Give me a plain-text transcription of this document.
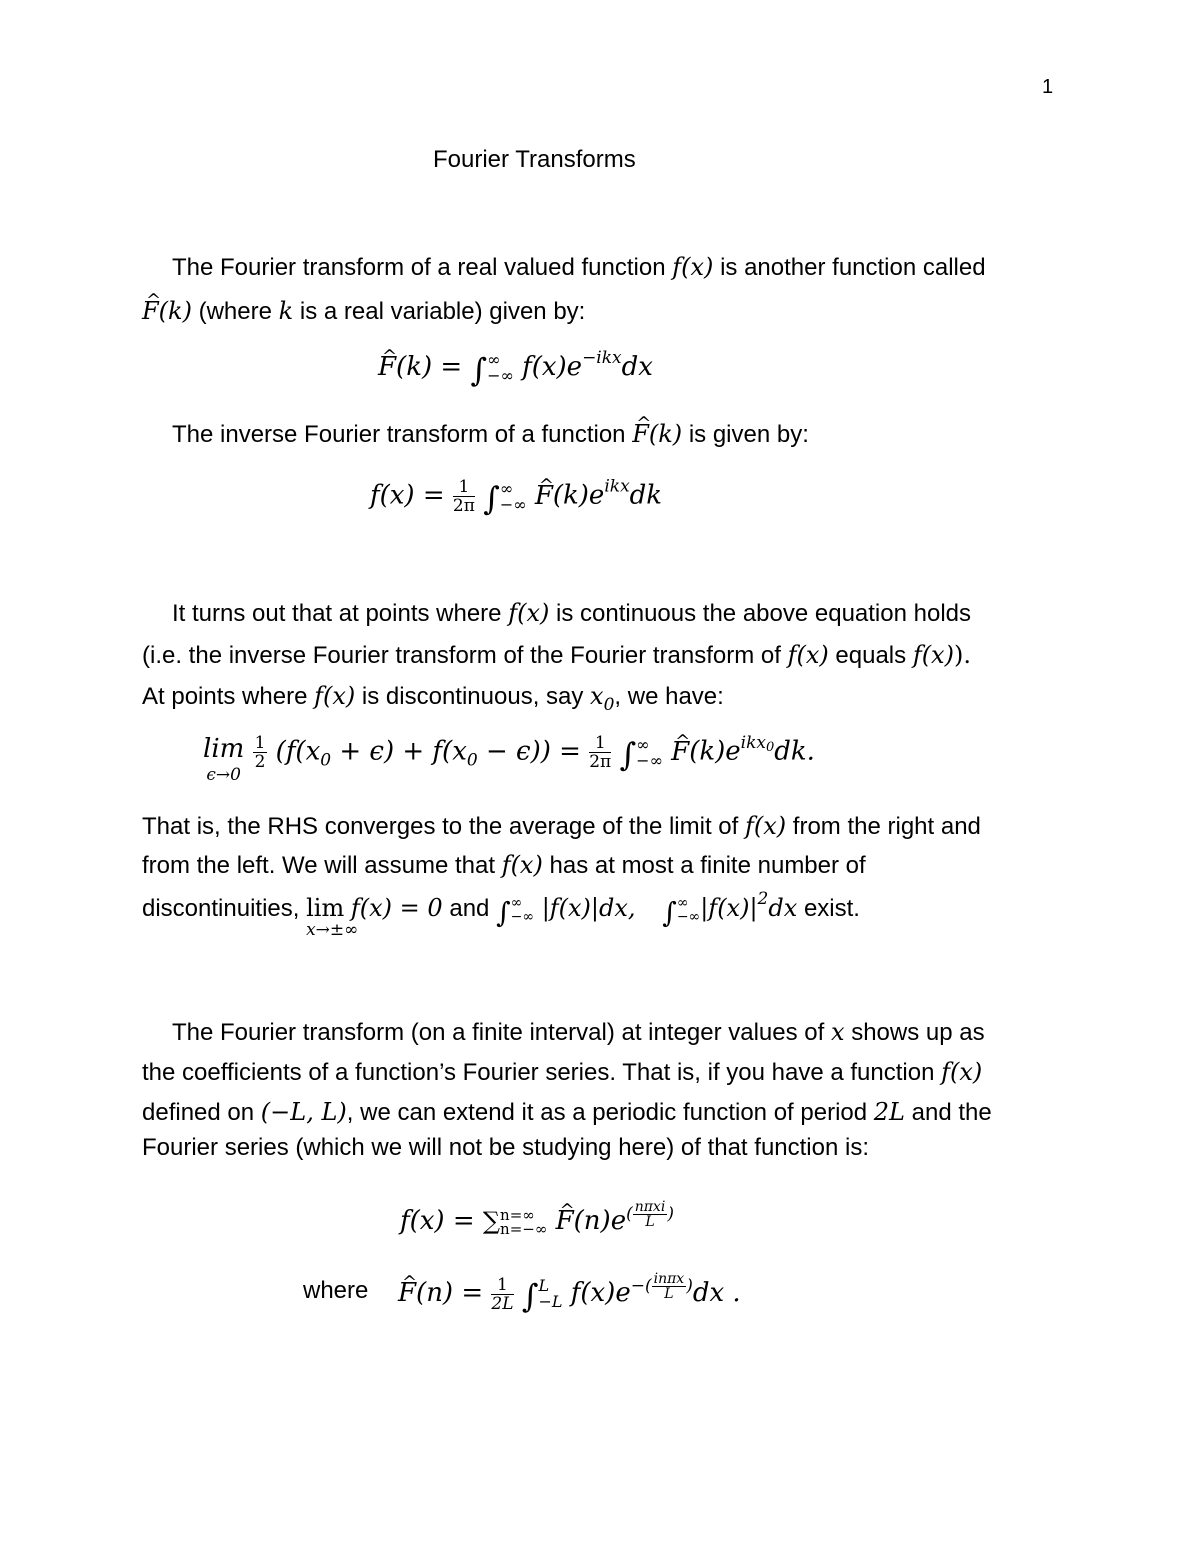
1
Fourier Transforms
The Fourier transform of a real valued function f(x) is another function called
^ F(k) (where k is a real variable) given by:
^ F(k) = ∫ ∞
−∞ $f(x)e^{-ikx}dx$
The inverse Fourier transform of a function ^ F(k) is given by:
$f(x) = \frac{1}{2\pi}$ ∫ ∞
−∞ ^ $F(k)e^{ikx}dk$
It turns out that at points where f(x) is continuous the above equation holds
(i.e. the inverse Fourier transform of the Fourier transform of f(x) equals f(x)).
At points where f(x) is discontinuous, say $x_0$, we have:
lim
ϵ→0

$\frac{1}{2} (f(x_0 + \epsilon) + f(x_0 - \epsilon)) = \frac{1}{2\pi}$ ∫ ∞
−∞ ^ $F(k)e^{ikx_0}dk$.
That is, the RHS converges to the average of the limit of f(x) from the right and
from the left. We will assume that f(x) has at most a finite number of
discontinuities, lim
x→±∞
f(x) = 0 and ∫ ∞
−∞ |f(x)|dx, ∫ ∞
−∞ $|f(x)|^2dx$ exist.
The Fourier transform (on a finite interval) at integer values of x shows up as
the coefficients of a function’s Fourier series. That is, if you have a function f(x)
defined on (−L, L), we can extend it as a periodic function of period 2L and the
Fourier series (which we will not be studying here) of that function is:
f(x) = ∑ n=∞
n=−∞ ^ $F(n)e^{( \frac{\text{nπxi}}{L} )}$
where ^ $F(n) = \frac{1}{2L}$ ∫ L
−L $f(x)e^{-( \frac{\text{inπx}}{L} )}dx$ .
